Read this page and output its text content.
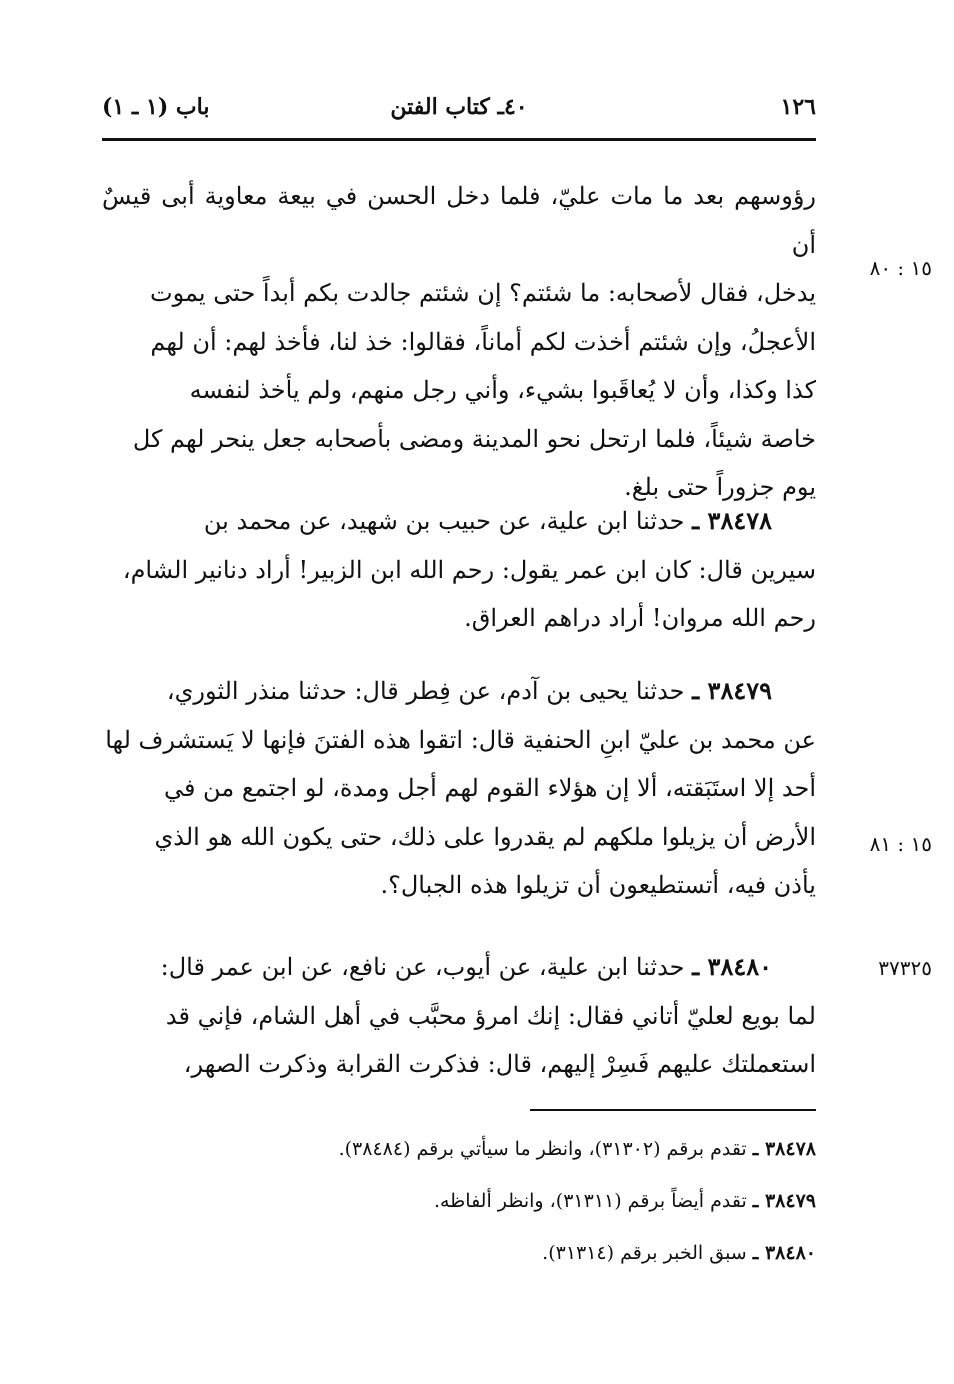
١٢٦
٤٠ـ كتاب الفتن
باب (١ ـ ١)
١٥ : ٨٠
١٥ : ٨١
٣٧٣٢٥
رؤوسهم بعد ما مات عليّ، فلما دخل الحسن في بيعة معاوية أبى قيسٌ أن
يدخل، فقال لأصحابه: ما شئتم؟ إن شئتم جالدت بكم أبداً حتى يموت
الأعجلُ، وإن شئتم أخذت لكم أماناً، فقالوا: خذ لنا، فأخذ لهم: أن لهم
كذا وكذا، وأن لا يُعاقَبوا بشيء، وأني رجل منهم، ولم يأخذ لنفسه
خاصة شيئاً، فلما ارتحل نحو المدينة ومضى بأصحابه جعل ينحر لهم كل
يوم جزوراً حتى بلغ.
٣٨٤٧٨ ـ حدثنا ابن علية، عن حبيب بن شهيد، عن محمد بن
سيرين قال: كان ابن عمر يقول: رحم الله ابن الزبير! أراد دنانير الشام،
رحم الله مروان! أراد دراهم العراق.
٣٨٤٧٩ ـ حدثنا يحيى بن آدم، عن فِطر قال: حدثنا منذر الثوري،
عن محمد بن عليّ ابنِ الحنفية قال: اتقوا هذه الفتنَ فإنها لا يَستشرف لها
أحد إلا استَبَقته، ألا إن هؤلاء القوم لهم أجل ومدة، لو اجتمع من في
الأرض أن يزيلوا ملكهم لم يقدروا على ذلك، حتى يكون الله هو الذي
يأذن فيه، أتستطيعون أن تزيلوا هذه الجبال؟.
٣٨٤٨٠ ـ حدثنا ابن علية، عن أيوب، عن نافع، عن ابن عمر قال:
لما بويع لعليّ أتاني فقال: إنك امرؤ محبَّب في أهل الشام، فإني قد
استعملتك عليهم فَسِرْ إليهم، قال: فذكرت القرابة وذكرت الصهر،
٣٨٤٧٨ ـ تقدم برقم (٣١٣٠٢)، وانظر ما سيأتي برقم (٣٨٤٨٤).
٣٨٤٧٩ ـ تقدم أيضاً برقم (٣١٣١١)، وانظر ألفاظه.
٣٨٤٨٠ ـ سبق الخبر برقم (٣١٣١٤).
